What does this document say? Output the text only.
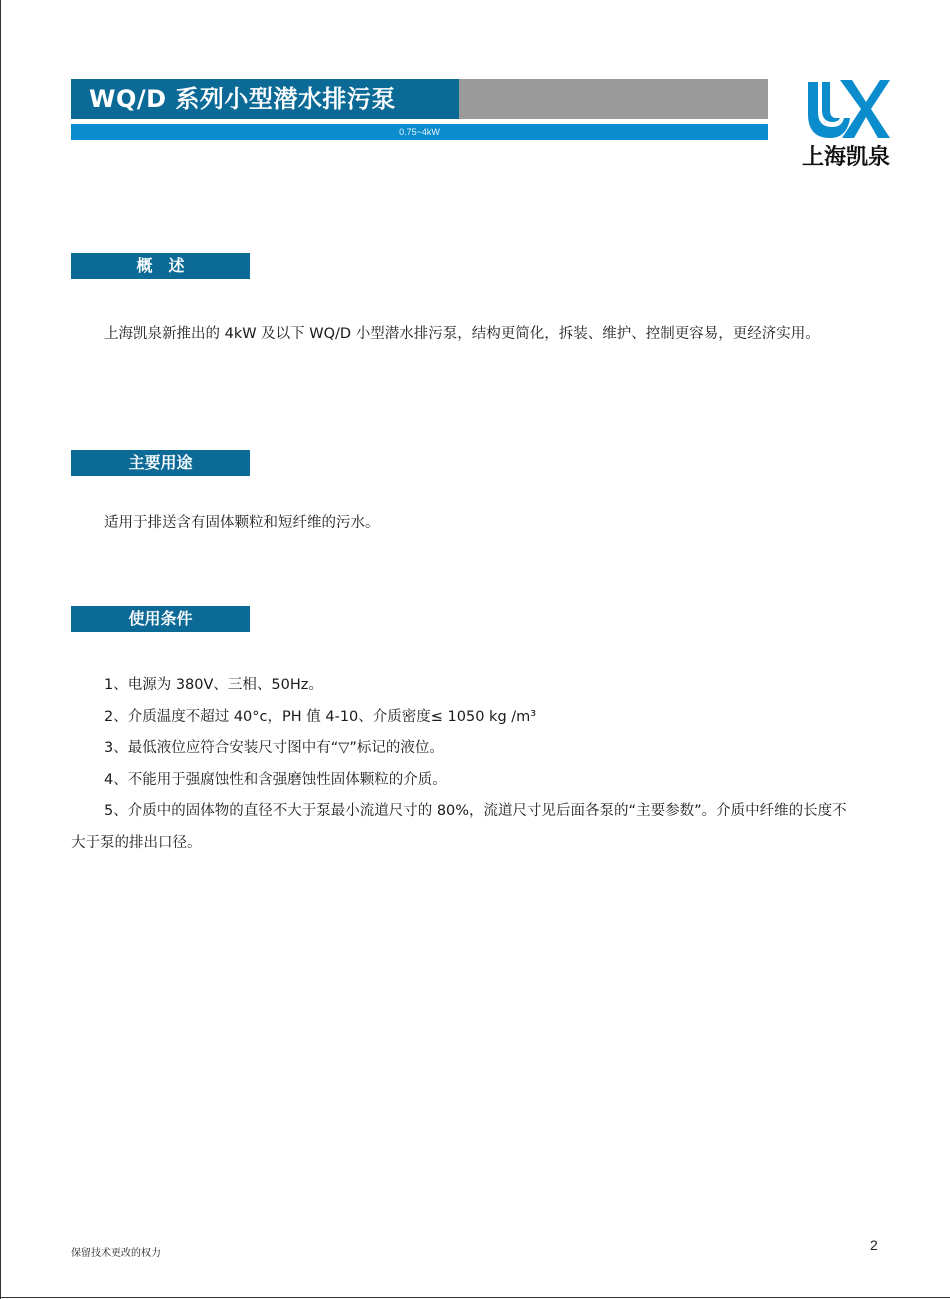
WQ/D 系列小型潜水排污泵
0.75~4kW
上海凯泉
概　述
上海凯泉新推出的 4kW 及以下 WQ/D 小型潜水排污泵，结构更简化，拆装、维护、控制更容易，更经济实用。
主要用途
适用于排送含有固体颗粒和短纤维的污水。
使用条件
1、电源为 380V、三相、50Hz。
2、介质温度不超过 40°c，PH 值 4-10、介质密度≤ 1050 kg /m³
3、最低液位应符合安装尺寸图中有“▽”标记的液位。
4、不能用于强腐蚀性和含强磨蚀性固体颗粒的介质。
5、介质中的固体物的直径不大于泵最小流道尺寸的 80%，流道尺寸见后面各泵的“主要参数”。介质中纤维的长度不大于泵的排出口径。
保留技术更改的权力
2
